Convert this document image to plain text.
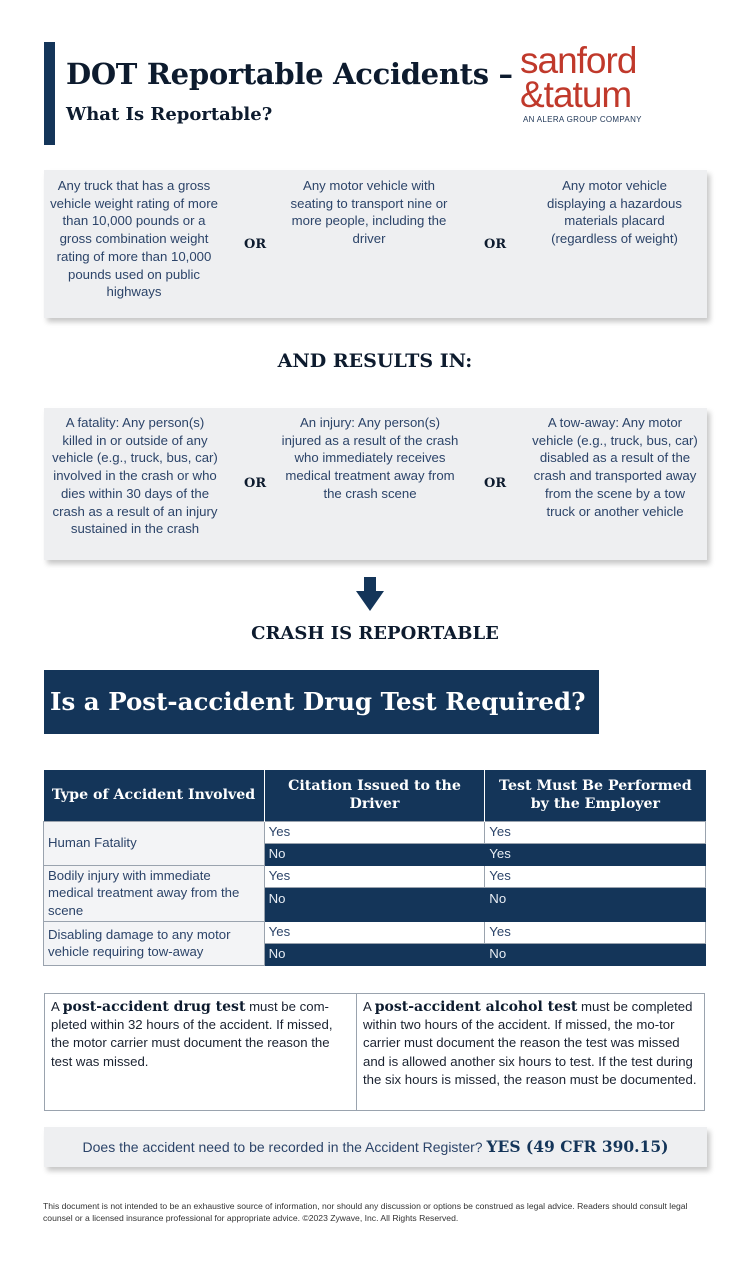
DOT Reportable Accidents –
What Is Reportable?
sanford
&tatum
AN ALERA GROUP COMPANY
Any truck that has a gross vehicle weight rating of more than 10,000 pounds or a gross combination weight rating of more than 10,000 pounds used on public highways
OR
Any motor vehicle with seating to transport nine or more people, including the driver	OR
Any motor vehicle displaying a hazardous materials placard (regardless of weight)
AND RESULTS IN:
A fatality: Any person(s) killed in or outside of any vehicle (e.g., truck, bus, car) involved in the crash or who dies within 30 days of the crash as a result of an injury sustained in the crash
OR
An injury: Any person(s) injured as a result of the crash who immediately receives medical treatment away from the crash scene
OR
A tow-away: Any motor vehicle (e.g., truck, bus, car) disabled as a result of the crash and transported away from the scene by a tow truck or another vehicle
CRASH IS REPORTABLE
Is a Post-accident Drug Test Required?
Type of Accident Involved	Citation Issued to the Driver	Test Must Be Performed by the Employer
Human Fatality	Yes	Yes
	No	Yes
Bodily injury with immediate medical treatment away from the scene	Yes	Yes
	No	No
Disabling damage to any motor vehicle requiring tow-away	Yes	Yes
	No	No
A post-accident drug test must be com-pleted within 32 hours of the accident. If missed, the motor carrier must document the reason the test was missed.
A post-accident alcohol test must be completed within two hours of the accident. If missed, the mo-tor carrier must document the reason the test was missed and is allowed another six hours to test. If the test during the six hours is missed, the reason must be documented.
Does the accident need to be recorded in the Accident Register? YES (49 CFR 390.15)
This document is not intended to be an exhaustive source of information, nor should any discussion or options be construed as legal advice. Readers should consult legal counsel or a licensed insurance professional for appropriate advice. ©2023 Zywave, Inc. All Rights Reserved.
